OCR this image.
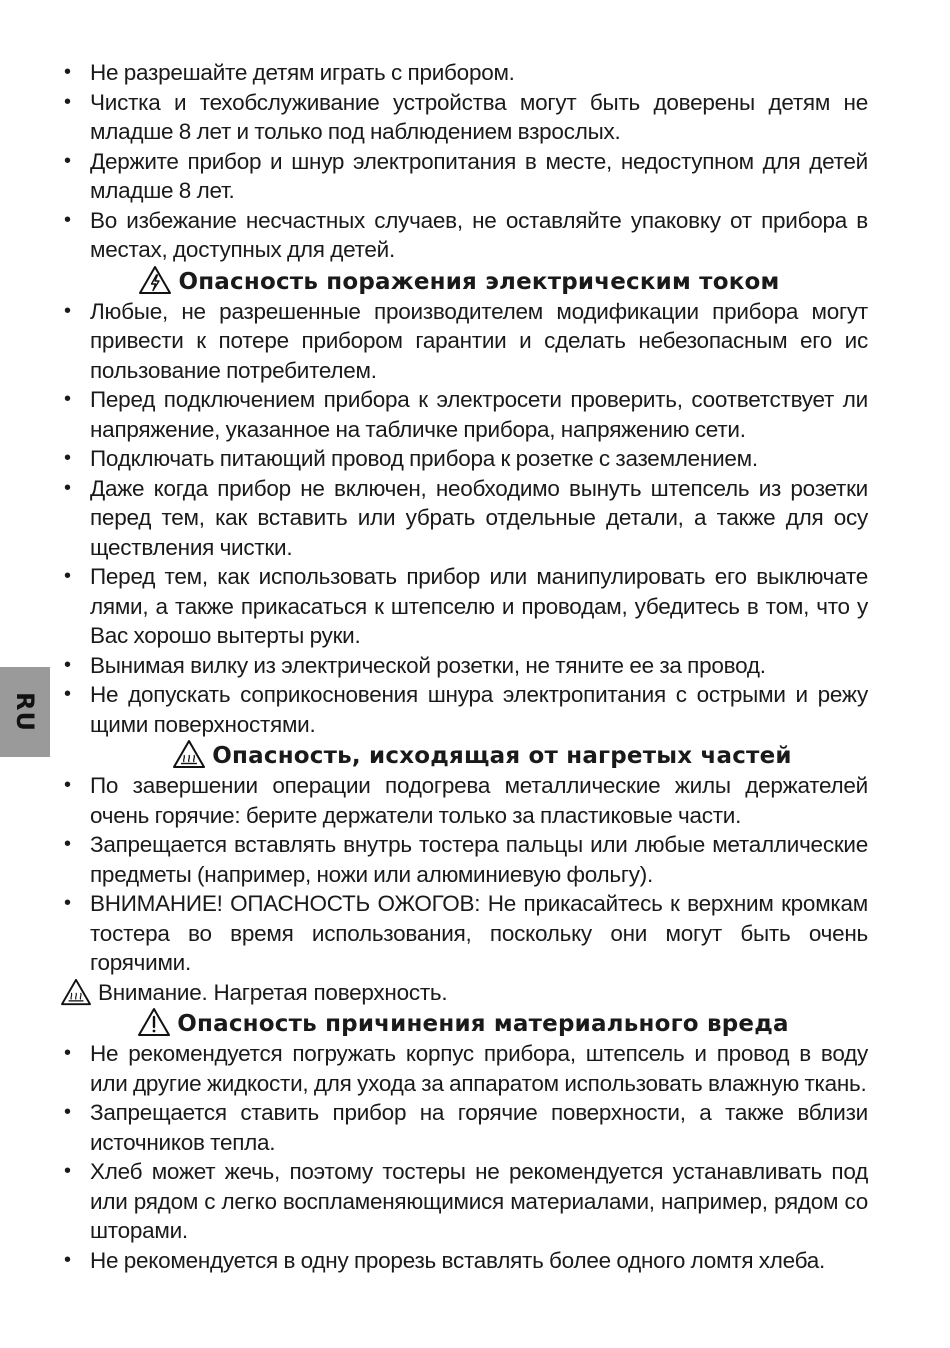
• Не разрешайте детям играть с прибором.
• Чистка и техобслуживание устройства могут быть доверены детям не младше 8 лет и только под наблюдением взрослых.
• Держите прибор и шнур электропитания в месте, недоступном для детей младше 8 лет.
• Во избежание несчастных случаев, не оставляйте упаковку от прибора в местах, доступных для детей.
Опасность поражения электрическим током
• Любые, не разрешенные производителем модификации прибора могут привести к потере прибором гарантии и сделать небезопасным его ис пользование потребителем.
• Перед подключением прибора к электросети проверить, соответствует ли напряжение, указанное на табличке прибора, напряжению сети.
• Подключать питающий провод прибора к розетке с заземлением.
• Даже когда прибор не включен, необходимо вынуть штепсель из розетки перед тем, как вставить или убрать отдельные детали, а также для осу ществления чистки.
• Перед тем, как использовать прибор или манипулировать его выключате лями, а также прикасаться к штепселю и проводам, убедитесь в том, что у Вас хорошо вытерты руки.
• Вынимая вилку из электрической розетки, не тяните ее за провод.
• Не допускать соприкосновения шнура электропитания с острыми и режу щими поверхностями.
Опасность, исходящая от нагретых частей
• По завершении операции подогрева металлические жилы держателей очень горячие: берите держатели только за пластиковые части.
• Запрещается вставлять внутрь тостера пальцы или любые металлические предметы (например, ножи или алюминиевую фольгу).
• ВНИМАНИЕ! ОПАСНОСТЬ ОЖОГОВ: Не прикасайтесь к верхним кромкам тостера во время использования, поскольку они могут быть очень горячими.
Внимание. Нагретая поверхность.
Опасность причинения материального вреда
• Не рекомендуется погружать корпус прибора, штепсель и провод в воду или другие жидкости, для ухода за аппаратом использовать влажную ткань.
• Запрещается ставить прибор на горячие поверхности, а также вблизи источников тепла.
• Хлеб может жечь, поэтому тостеры не рекомендуется устанавливать под или рядом с легко воспламеняющимися материалами, например, рядом со шторами.
• Не рекомендуется в одну прорезь вставлять более одного ломтя хлеба.
RU
